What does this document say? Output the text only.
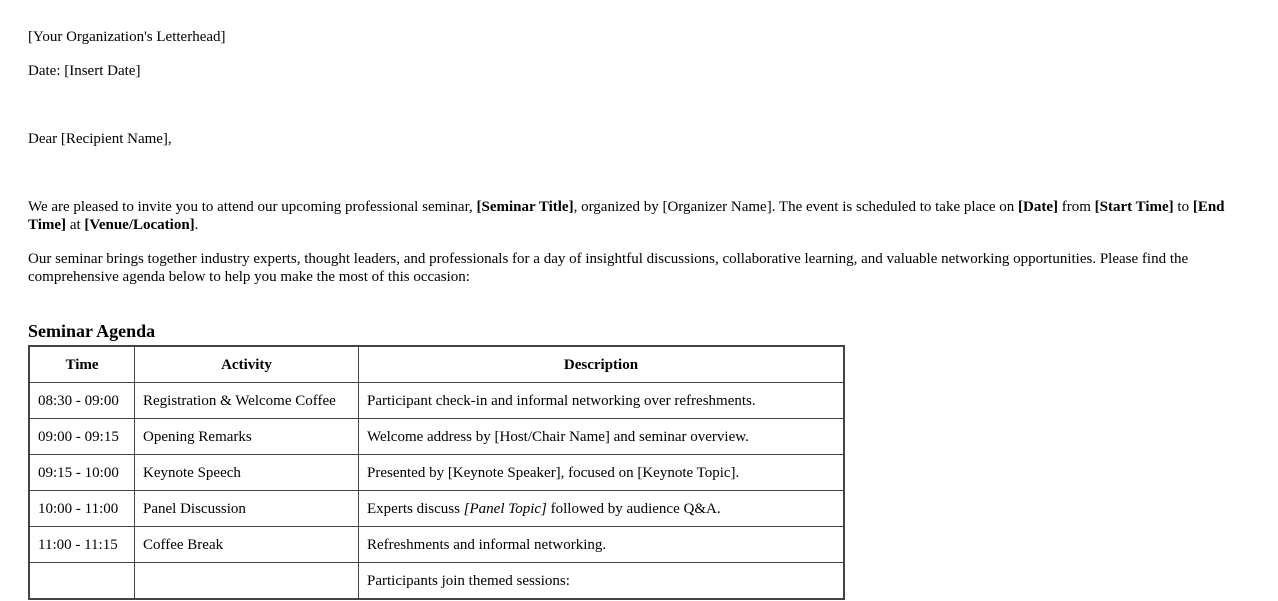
[Your Organization's Letterhead]

Date: [Insert Date]

Dear [Recipient Name],

We are pleased to invite you to attend our upcoming professional seminar, [Seminar Title], organized by [Organizer Name]. The event is scheduled to take place on [Date] from [Start Time] to [End Time] at [Venue/Location].

Our seminar brings together industry experts, thought leaders, and professionals for a day of insightful discussions, collaborative learning, and valuable networking opportunities. Please find the comprehensive agenda below to help you make the most of this occasion:

Seminar Agenda
Time	Activity	Description
08:30 - 09:00	Registration & Welcome Coffee	Participant check-in and informal networking over refreshments.
09:00 - 09:15	Opening Remarks	Welcome address by [Host/Chair Name] and seminar overview.
09:15 - 10:00	Keynote Speech	Presented by [Keynote Speaker], focused on [Keynote Topic].
10:00 - 11:00	Panel Discussion	Experts discuss [Panel Topic] followed by audience Q&A.
11:00 - 11:15	Coffee Break	Refreshments and informal networking.
		Participants join themed sessions:
